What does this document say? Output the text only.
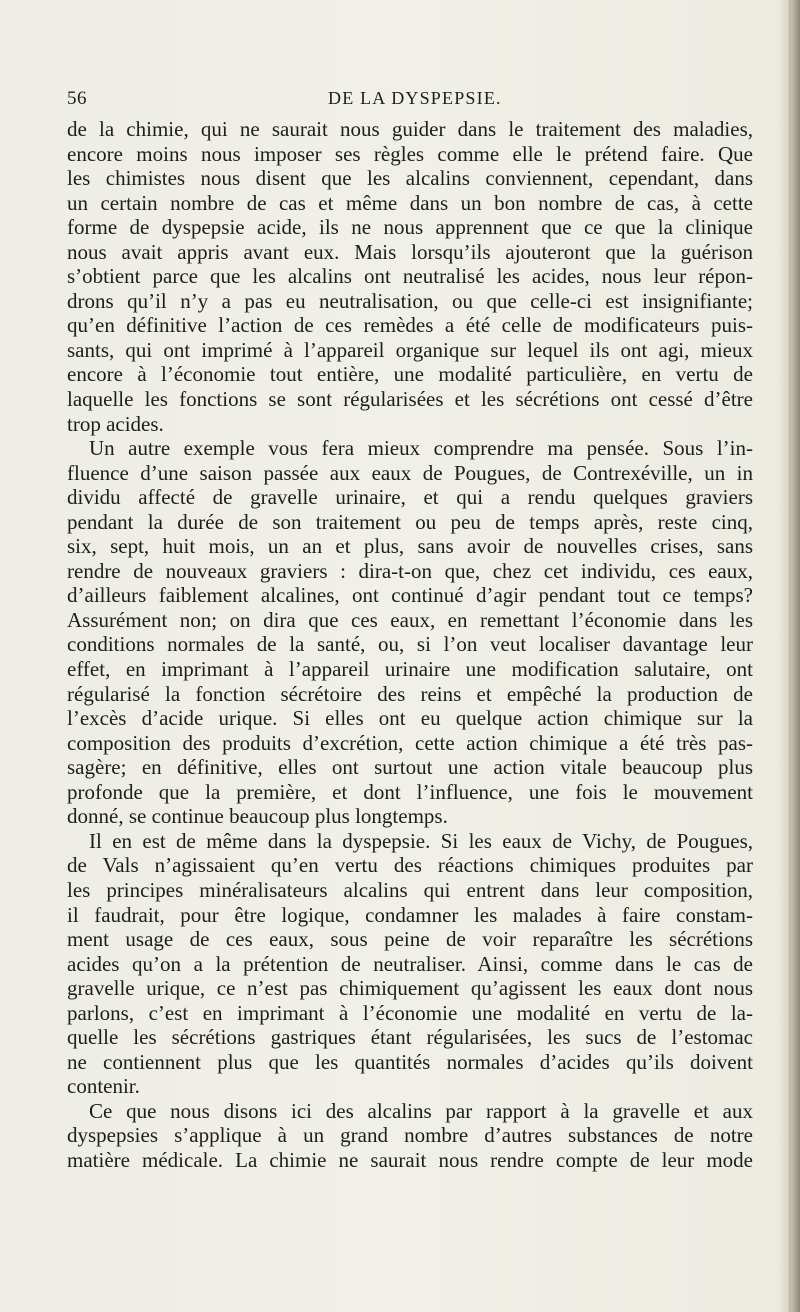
56	DE LA DYSPEPSIE.
de la chimie, qui ne saurait nous guider dans le traitement des maladies,
encore moins nous imposer ses règles comme elle le prétend faire. Que
les chimistes nous disent que les alcalins conviennent, cependant, dans
un certain nombre de cas et même dans un bon nombre de cas, à cette
forme de dyspepsie acide, ils ne nous apprennent que ce que la clinique
nous avait appris avant eux. Mais lorsqu’ils ajouteront que la guérison
s’obtient parce que les alcalins ont neutralisé les acides, nous leur répon-
drons qu’il n’y a pas eu neutralisation, ou que celle-ci est insignifiante;
qu’en définitive l’action de ces remèdes a été celle de modificateurs puis-
sants, qui ont imprimé à l’appareil organique sur lequel ils ont agi, mieux
encore à l’économie tout entière, une modalité particulière, en vertu de
laquelle les fonctions se sont régularisées et les sécrétions ont cessé d’être
trop acides.
Un autre exemple vous fera mieux comprendre ma pensée. Sous l’in-
fluence d’une saison passée aux eaux de Pougues, de Contrexéville, un in
dividu affecté de gravelle urinaire, et qui a rendu quelques graviers
pendant la durée de son traitement ou peu de temps après, reste cinq,
six, sept, huit mois, un an et plus, sans avoir de nouvelles crises, sans
rendre de nouveaux graviers : dira-t-on que, chez cet individu, ces eaux,
d’ailleurs faiblement alcalines, ont continué d’agir pendant tout ce temps?
Assurément non; on dira que ces eaux, en remettant l’économie dans les
conditions normales de la santé, ou, si l’on veut localiser davantage leur
effet, en imprimant à l’appareil urinaire une modification salutaire, ont
régularisé la fonction sécrétoire des reins et empêché la production de
l’excès d’acide urique. Si elles ont eu quelque action chimique sur la
composition des produits d’excrétion, cette action chimique a été très pas-
sagère; en définitive, elles ont surtout une action vitale beaucoup plus
profonde que la première, et dont l’influence, une fois le mouvement
donné, se continue beaucoup plus longtemps.
Il en est de même dans la dyspepsie. Si les eaux de Vichy, de Pougues,
de Vals n’agissaient qu’en vertu des réactions chimiques produites par
les principes minéralisateurs alcalins qui entrent dans leur composition,
il faudrait, pour être logique, condamner les malades à faire constam-
ment usage de ces eaux, sous peine de voir reparaître les sécrétions
acides qu’on a la prétention de neutraliser. Ainsi, comme dans le cas de
gravelle urique, ce n’est pas chimiquement qu’agissent les eaux dont nous
parlons, c’est en imprimant à l’économie une modalité en vertu de la-
quelle les sécrétions gastriques étant régularisées, les sucs de l’estomac
ne contiennent plus que les quantités normales d’acides qu’ils doivent
contenir.
Ce que nous disons ici des alcalins par rapport à la gravelle et aux
dyspepsies s’applique à un grand nombre d’autres substances de notre
matière médicale. La chimie ne saurait nous rendre compte de leur mode
